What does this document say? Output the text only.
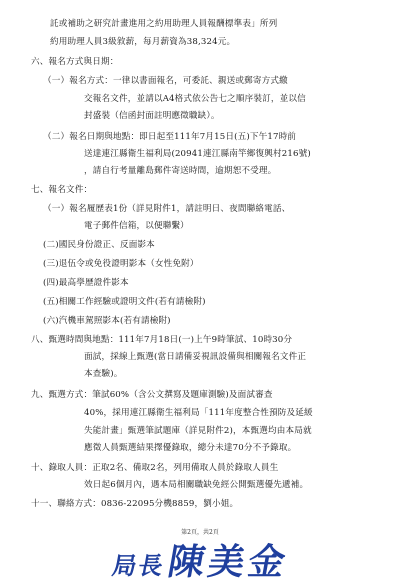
託或補助之研究計畫進用之約用助理人員報酬標準表」所列
約用助理人員3級敘薪，每月薪資為38,324元。
六、報名方式與日期：
（一）報名方式：一律以書面報名，可委託、親送或郵寄方式繳
交報名文件，並請以A4格式依公告七之順序裝訂，並以信
封盛裝（信函封面註明應徵職缺）。
（二）報名日期與地點：即日起至111年7月15日(五)下午17時前
送達連江縣衛生福利局(20941連江縣南竿鄉復興村216號)
，請自行考量離島郵件寄送時間，逾期恕不受理。
七、報名文件：
（一）報名履歷表1份（詳見附件1，請註明日、夜間聯絡電話、
電子郵件信箱，以便聯繫）
(二)國民身份證正、反面影本
(三)退伍令或免役證明影本（女性免附）
(四)最高學歷證件影本
(五)相關工作經驗或證明文件(若有請檢附)
(六)汽機車駕照影本(若有請檢附)
八、甄選時間與地點：111年7月18日(一)上午9時筆試、10時30分
面試，採線上甄選(當日請備妥視訊設備與相關報名文件正
本查驗)。
九、甄選方式：筆試60%（含公文撰寫及題庫測驗)及面試審查
40%，採用連江縣衛生福利局「111年度整合性預防及延緩
失能計畫」甄選筆試題庫（詳見附件2)，本甄選均由本局就
應徵人員甄選結果擇優錄取，總分未達70分不予錄取。
十、錄取人員：正取2名、備取2名，列用備取人員於錄取人員生
效日起6個月內，遇本局相關職缺免經公開甄選優先遞補。
十一、聯絡方式：0836-22095分機8859，劉小姐。
局長
陳美金
第2頁，共2頁
